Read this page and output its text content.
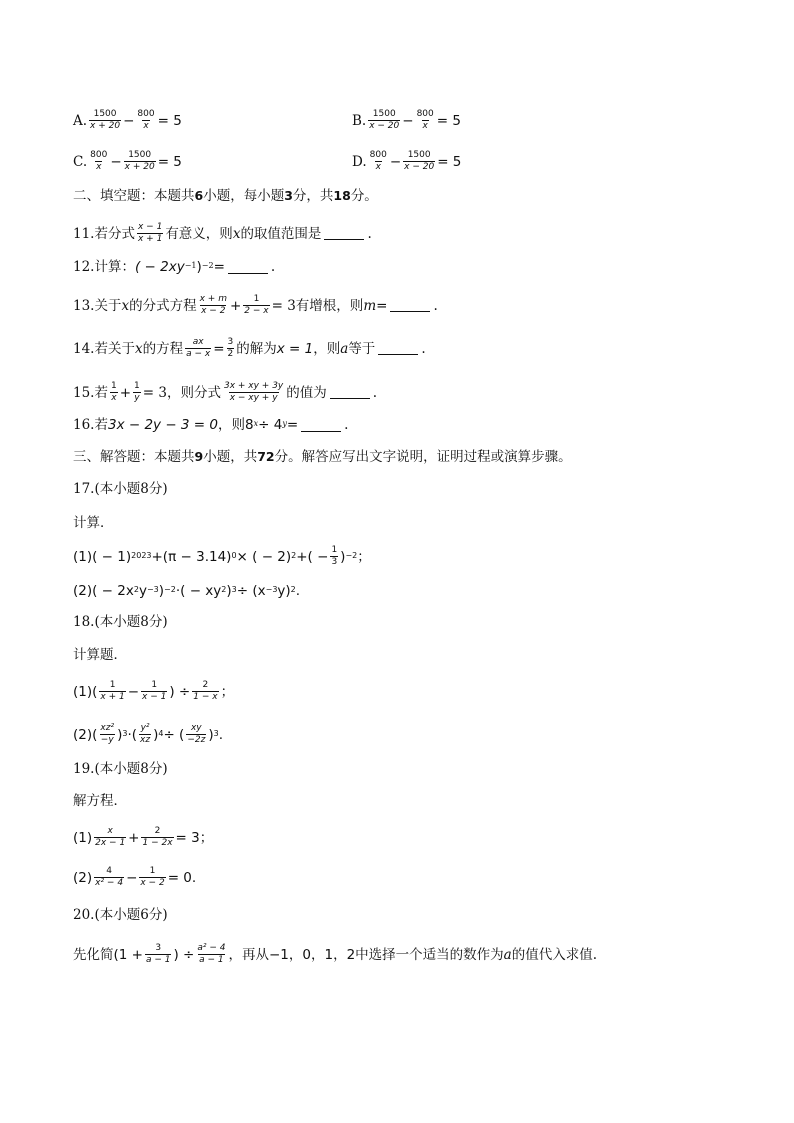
A. $\frac{1500}{x + 20} - \frac{800}{x} = 5$	B. $\frac{1500}{x - 20} - \frac{800}{x} = 5$
C. $\frac{800}{x} - \frac{1500}{x + 20} = 5$	D. $\frac{800}{x} - \frac{1500}{x - 20} = 5$
二、填空题：本题共 6 小题，每小题 3 分，共 18 分。
11. 若分式 $\frac{x - 1}{x + 1}$ 有意义，则 x 的取值范围是	.
12. 计算： ( − $2xy^{-1}$ )$^{-2}$ =	.
13. 关于 x 的分式方程 $\frac{x + m}{x - 2} + \frac{1}{2 - x} = 3$有增根，则 m =	.
14. 若关于 x 的方程 $\frac{ax}{a - x} = \frac{3}{2}$ 的解为 x = 1 ，则 a 等于	.
15. 若 $\frac{1}{x} + \frac{1}{y} = 3$，则分式 $\frac{3x + xy + 3y}{x - xy + y}$ 的值为	.
16. 若 3x − 2y − 3 = 0 ，则 $8^x \div 4^y$ =	.
三、解答题：本题共 9 小题，共 72 分。解答应写出文字说明，证明过程或演算步骤。
17.(本小题8分)
计算．
$(1)( - 1)^{2023} +(\pi - 3.14)^0$ × ( − 2)$^2$ +( − $\frac{1}{3} )^{-2}$ ；
$(2)( - 2x^2$ $y^{-3}$ )$^{-2}$ ·( − $xy^2$ )$^3 \div (x^{-3}$ y)$^2$ .
18.(本小题8分)
计算题．
$(1)( \frac{1}{x + 1} - \frac{1}{x - 1}$ ) ÷ $\frac{2}{1 - x}$ ；
$(2)( \frac{\text{xz²}}{-y} )^3$ ·( $\frac{\text{y²}}{xz} )^4$ ÷ ( $\frac{xy}{-2z} )^3$ .
19.(本小题8分)
解方程．
$(1) \frac{x}{2x - 1} + \frac{2}{1 - 2x} = 3$；
$(2) \frac{4}{\text{x² − 4}} - \frac{1}{x - 2} = 0$.
20.(本小题6分)
先化简 ($1 + \frac{3}{a - 1}$ ) ÷ $\frac{\text{a² − 4}}{a - 1}$ ，再从 −1，0，1，2 中选择一个适当的数作为 a 的值代入求值.
